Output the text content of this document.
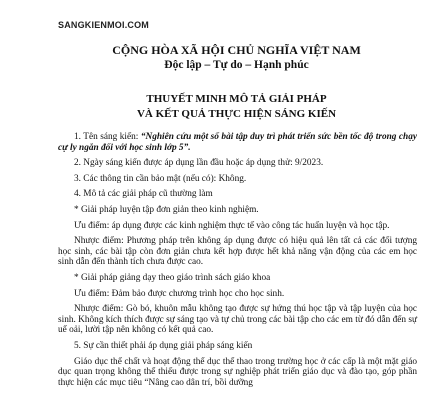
SANGKIENMOI.COM
CỘNG HÒA XÃ HỘI CHỦ NGHĨA VIỆT NAM
Độc lập – Tự do – Hạnh phúc
THUYẾT MINH MÔ TẢ GIẢI PHÁP
VÀ KẾT QUẢ THỰC HIỆN SÁNG KIẾN

1. Tên sáng kiến: “Nghiên cứu một số bài tập duy trì phát triển sức bền tốc độ trong chạy cự ly ngắn đối với học sinh lớp 5”.

2. Ngày sáng kiến được áp dụng lần đầu hoặc áp dụng thử: 9/2023.

3. Các thông tin cần bảo mật (nếu có): Không.

4. Mô tả các giải pháp cũ thường làm

* Giải pháp luyện tập đơn giản theo kinh nghiệm.

Ưu điểm: áp dụng được các kinh nghiệm thực tế vào công tác huấn luyện và học tập.

Nhược điểm: Phương pháp trên không áp dụng được có hiệu quả lên tất cả các đối tượng học sinh, các bài tập còn đơn giản chưa kết hợp được hết khả năng vận động của các em học sinh dẫn đến thành tích chưa được cao.

* Giải pháp giảng dạy theo giáo trình sách giáo khoa

Ưu điểm: Đảm bảo được chương trình học cho học sinh.

Nhược điểm: Gò bó, khuôn mẫu không tạo được sự hứng thú học tập và tập luyện của học sinh. Không kích thích được sự sáng tạo và tự chủ trong các bài tập cho các em từ đó dẫn đến sự uể oải, lười tập nên không có kết quả cao.

5. Sự cần thiết phải áp dụng giải pháp sáng kiến

Giáo dục thể chất và hoạt động thể dục thể thao trong trường học ở các cấp là một mặt giáo dục quan trọng không thể thiếu được trong sự nghiệp phát triển giáo dục và đào tạo, góp phần thực hiện các mục tiêu “Nâng cao dân trí, bồi dưỡng
